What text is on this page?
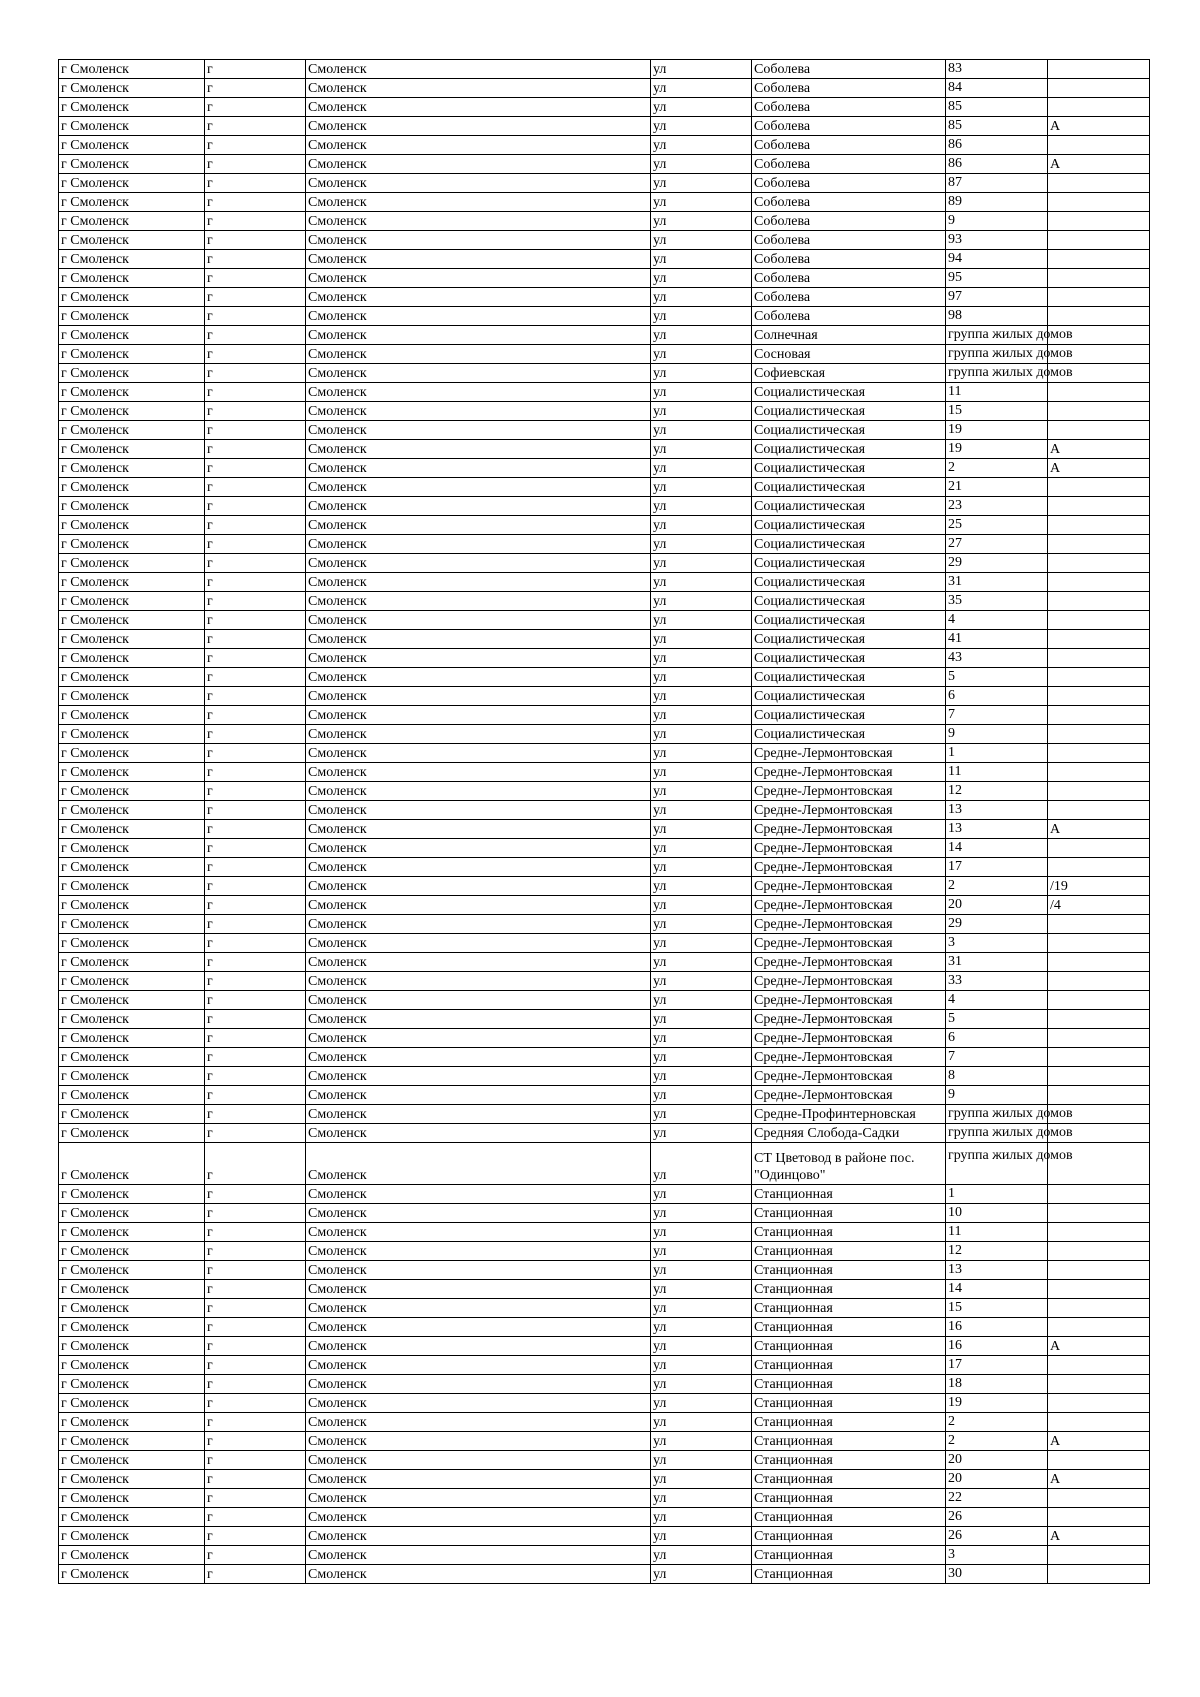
г Смоленск	г	Смоленск	ул	Соболева	83	
г Смоленск	г	Смоленск	ул	Соболева	84	
г Смоленск	г	Смоленск	ул	Соболева	85	
г Смоленск	г	Смоленск	ул	Соболева	85	А
г Смоленск	г	Смоленск	ул	Соболева	86	
г Смоленск	г	Смоленск	ул	Соболева	86	А
г Смоленск	г	Смоленск	ул	Соболева	87	
г Смоленск	г	Смоленск	ул	Соболева	89	
г Смоленск	г	Смоленск	ул	Соболева	9	
г Смоленск	г	Смоленск	ул	Соболева	93	
г Смоленск	г	Смоленск	ул	Соболева	94	
г Смоленск	г	Смоленск	ул	Соболева	95	
г Смоленск	г	Смоленск	ул	Соболева	97	
г Смоленск	г	Смоленск	ул	Соболева	98	
г Смоленск	г	Смоленск	ул	Солнечная	группа жилых домов	
г Смоленск	г	Смоленск	ул	Сосновая	группа жилых домов	
г Смоленск	г	Смоленск	ул	Софиевская	группа жилых домов	
г Смоленск	г	Смоленск	ул	Социалистическая	11	
г Смоленск	г	Смоленск	ул	Социалистическая	15	
г Смоленск	г	Смоленск	ул	Социалистическая	19	
г Смоленск	г	Смоленск	ул	Социалистическая	19	А
г Смоленск	г	Смоленск	ул	Социалистическая	2	А
г Смоленск	г	Смоленск	ул	Социалистическая	21	
г Смоленск	г	Смоленск	ул	Социалистическая	23	
г Смоленск	г	Смоленск	ул	Социалистическая	25	
г Смоленск	г	Смоленск	ул	Социалистическая	27	
г Смоленск	г	Смоленск	ул	Социалистическая	29	
г Смоленск	г	Смоленск	ул	Социалистическая	31	
г Смоленск	г	Смоленск	ул	Социалистическая	35	
г Смоленск	г	Смоленск	ул	Социалистическая	4	
г Смоленск	г	Смоленск	ул	Социалистическая	41	
г Смоленск	г	Смоленск	ул	Социалистическая	43	
г Смоленск	г	Смоленск	ул	Социалистическая	5	
г Смоленск	г	Смоленск	ул	Социалистическая	6	
г Смоленск	г	Смоленск	ул	Социалистическая	7	
г Смоленск	г	Смоленск	ул	Социалистическая	9	
г Смоленск	г	Смоленск	ул	Средне-Лермонтовская	1	
г Смоленск	г	Смоленск	ул	Средне-Лермонтовская	11	
г Смоленск	г	Смоленск	ул	Средне-Лермонтовская	12	
г Смоленск	г	Смоленск	ул	Средне-Лермонтовская	13	
г Смоленск	г	Смоленск	ул	Средне-Лермонтовская	13	А
г Смоленск	г	Смоленск	ул	Средне-Лермонтовская	14	
г Смоленск	г	Смоленск	ул	Средне-Лермонтовская	17	
г Смоленск	г	Смоленск	ул	Средне-Лермонтовская	2	/19
г Смоленск	г	Смоленск	ул	Средне-Лермонтовская	20	/4
г Смоленск	г	Смоленск	ул	Средне-Лермонтовская	29	
г Смоленск	г	Смоленск	ул	Средне-Лермонтовская	3	
г Смоленск	г	Смоленск	ул	Средне-Лермонтовская	31	
г Смоленск	г	Смоленск	ул	Средне-Лермонтовская	33	
г Смоленск	г	Смоленск	ул	Средне-Лермонтовская	4	
г Смоленск	г	Смоленск	ул	Средне-Лермонтовская	5	
г Смоленск	г	Смоленск	ул	Средне-Лермонтовская	6	
г Смоленск	г	Смоленск	ул	Средне-Лермонтовская	7	
г Смоленск	г	Смоленск	ул	Средне-Лермонтовская	8	
г Смоленск	г	Смоленск	ул	Средне-Лермонтовская	9	
г Смоленск	г	Смоленск	ул	Средне-Профинтерновская	группа жилых домов	
г Смоленск	г	Смоленск	ул	Средняя Слобода-Садки	группа жилых домов	
г Смоленск	г	Смоленск	ул	СТ Цветовод в районе пос. "Одинцово"	группа жилых домов	
г Смоленск	г	Смоленск	ул	Станционная	1	
г Смоленск	г	Смоленск	ул	Станционная	10	
г Смоленск	г	Смоленск	ул	Станционная	11	
г Смоленск	г	Смоленск	ул	Станционная	12	
г Смоленск	г	Смоленск	ул	Станционная	13	
г Смоленск	г	Смоленск	ул	Станционная	14	
г Смоленск	г	Смоленск	ул	Станционная	15	
г Смоленск	г	Смоленск	ул	Станционная	16	
г Смоленск	г	Смоленск	ул	Станционная	16	А
г Смоленск	г	Смоленск	ул	Станционная	17	
г Смоленск	г	Смоленск	ул	Станционная	18	
г Смоленск	г	Смоленск	ул	Станционная	19	
г Смоленск	г	Смоленск	ул	Станционная	2	
г Смоленск	г	Смоленск	ул	Станционная	2	А
г Смоленск	г	Смоленск	ул	Станционная	20	
г Смоленск	г	Смоленск	ул	Станционная	20	А
г Смоленск	г	Смоленск	ул	Станционная	22	
г Смоленск	г	Смоленск	ул	Станционная	26	
г Смоленск	г	Смоленск	ул	Станционная	26	А
г Смоленск	г	Смоленск	ул	Станционная	3	
г Смоленск	г	Смоленск	ул	Станционная	30	
